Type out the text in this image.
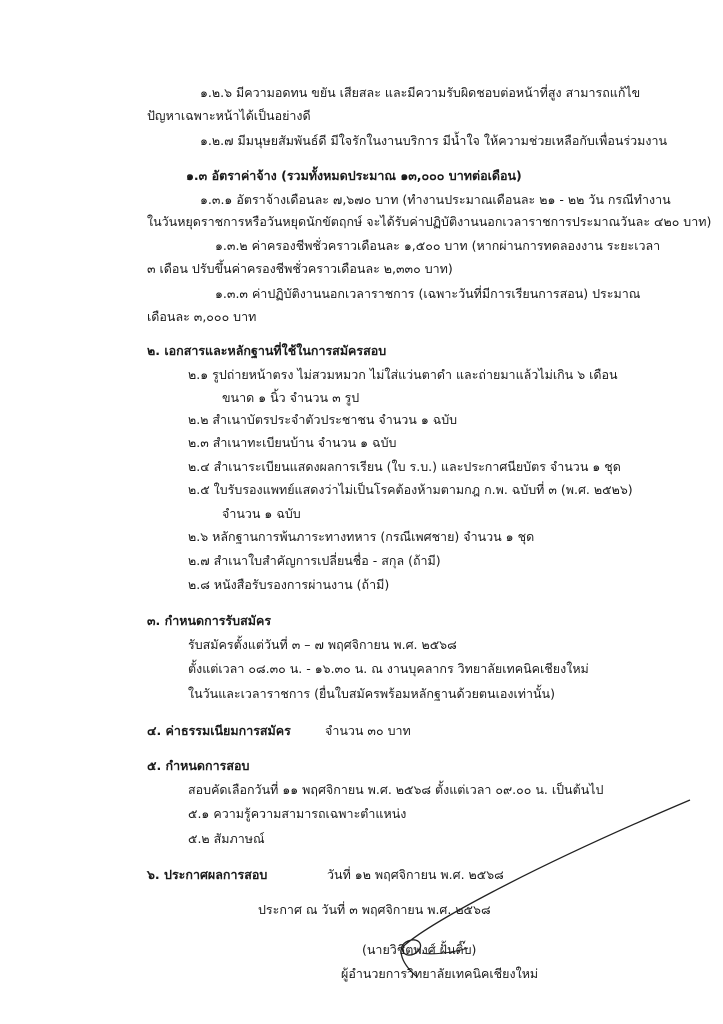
๑.๒.๖ มีความอดทน ขยัน เสียสละ และมีความรับผิดชอบต่อหน้าที่สูง สามารถแก้ไข
ปัญหาเฉพาะหน้าได้เป็นอย่างดี
๑.๒.๗ มีมนุษยสัมพันธ์ดี มีใจรักในงานบริการ มีน้ำใจ ให้ความช่วยเหลือกับเพื่อนร่วมงาน
๑.๓ อัตราค่าจ้าง (รวมทั้งหมดประมาณ ๑๓,๐๐๐ บาทต่อเดือน)
๑.๓.๑ อัตราจ้างเดือนละ ๗,๖๗๐ บาท (ทำงานประมาณเดือนละ ๒๑ - ๒๒ วัน กรณีทำงาน
ในวันหยุดราชการหรือวันหยุดนักขัตฤกษ์ จะได้รับค่าปฏิบัติงานนอกเวลาราชการประมาณวันละ ๔๒๐ บาท)
๑.๓.๒ ค่าครองชีพชั่วคราวเดือนละ ๑,๕๐๐ บาท (หากผ่านการทดลองงาน ระยะเวลา
๓ เดือน ปรับขึ้นค่าครองชีพชั่วคราวเดือนละ ๒,๓๓๐ บาท)
๑.๓.๓ ค่าปฏิบัติงานนอกเวลาราชการ (เฉพาะวันที่มีการเรียนการสอน) ประมาณ
เดือนละ ๓,๐๐๐ บาท
๒. เอกสารและหลักฐานที่ใช้ในการสมัครสอบ
๒.๑ รูปถ่ายหน้าตรง ไม่สวมหมวก ไม่ใส่แว่นตาดำ และถ่ายมาแล้วไม่เกิน ๖ เดือน
ขนาด ๑ นิ้ว จำนวน ๓ รูป
๒.๒ สำเนาบัตรประจำตัวประชาชน จำนวน ๑ ฉบับ
๒.๓ สำเนาทะเบียนบ้าน จำนวน ๑ ฉบับ
๒.๔ สำเนาระเบียนแสดงผลการเรียน (ใบ ร.บ.) และประกาศนียบัตร จำนวน ๑ ชุด
๒.๕ ใบรับรองแพทย์แสดงว่าไม่เป็นโรคต้องห้ามตามกฎ ก.พ. ฉบับที่ ๓ (พ.ศ. ๒๕๒๖)
จำนวน ๑ ฉบับ
๒.๖ หลักฐานการพ้นภาระทางทหาร (กรณีเพศชาย) จำนวน ๑ ชุด
๒.๗ สำเนาใบสำคัญการเปลี่ยนชื่อ - สกุล (ถ้ามี)
๒.๘ หนังสือรับรองการผ่านงาน (ถ้ามี)
๓. กำหนดการรับสมัคร
รับสมัครตั้งแต่วันที่ ๓ – ๗ พฤศจิกายน พ.ศ. ๒๕๖๘
ตั้งแต่เวลา ๐๘.๓๐ น. - ๑๖.๓๐ น. ณ งานบุคลากร วิทยาลัยเทคนิคเชียงใหม่
ในวันและเวลาราชการ (ยื่นใบสมัครพร้อมหลักฐานด้วยตนเองเท่านั้น)
๔. ค่าธรรมเนียมการสมัคร	จำนวน ๓๐ บาท
๕. กำหนดการสอบ
สอบคัดเลือกวันที่ ๑๑ พฤศจิกายน พ.ศ. ๒๕๖๘ ตั้งแต่เวลา ๐๙.๐๐ น. เป็นต้นไป
๕.๑ ความรู้ความสามารถเฉพาะตำแหน่ง
๕.๒ สัมภาษณ์
๖. ประกาศผลการสอบ	วันที่ ๑๒ พฤศจิกายน พ.ศ. ๒๕๖๘
ประกาศ ณ วันที่ ๓ พฤศจิกายน พ.ศ. ๒๕๖๘
(นายวิชิตพงศ์ ฝั้นติ๊บ)
ผู้อำนวยการวิทยาลัยเทคนิคเชียงใหม่
